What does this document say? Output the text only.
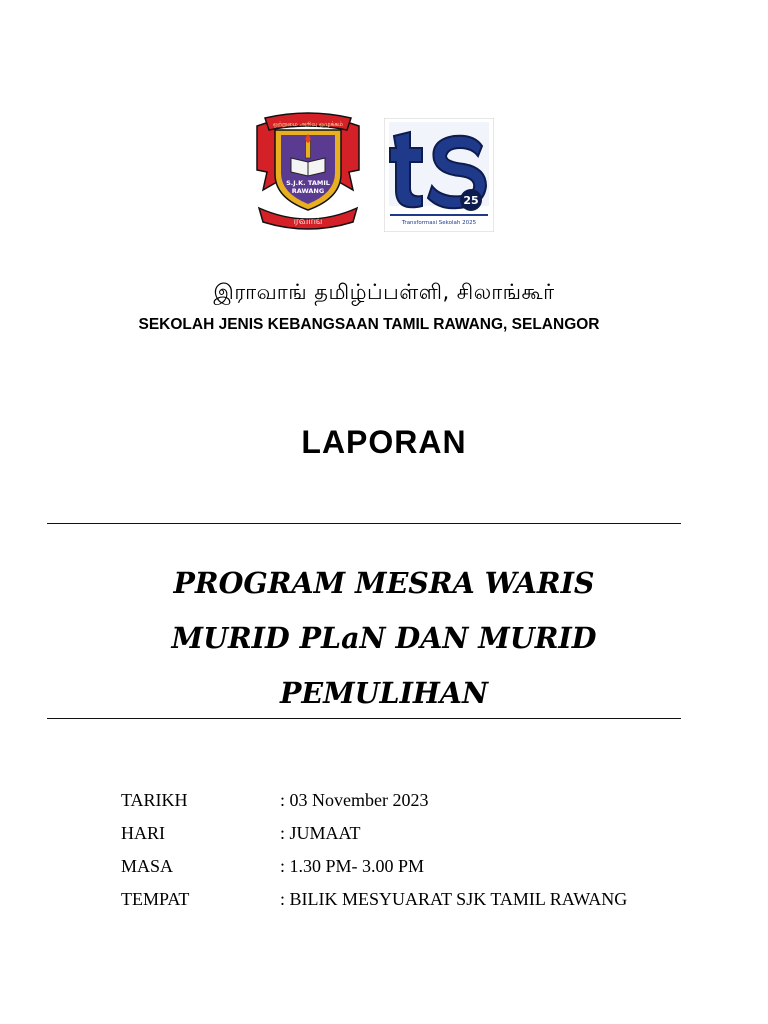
ஒற்றுமை அறிவு ஒழுக்கம்
S.J.K. TAMIL
RAWANG
ரவாங்
25
Transformasi Sekolah 2025
இராவாங் தமிழ்ப்பள்ளி, சிலாங்கூர்
SEKOLAH JENIS KEBANGSAAN TAMIL RAWANG, SELANGOR
LAPORAN
PROGRAM MESRA WARIS
MURID PLaN DAN MURID
PEMULIHAN
TARIKH	: 03 November 2023
HARI	: JUMAAT
MASA	: 1.30 PM- 3.00 PM
TEMPAT	: BILIK MESYUARAT SJK TAMIL RAWANG
